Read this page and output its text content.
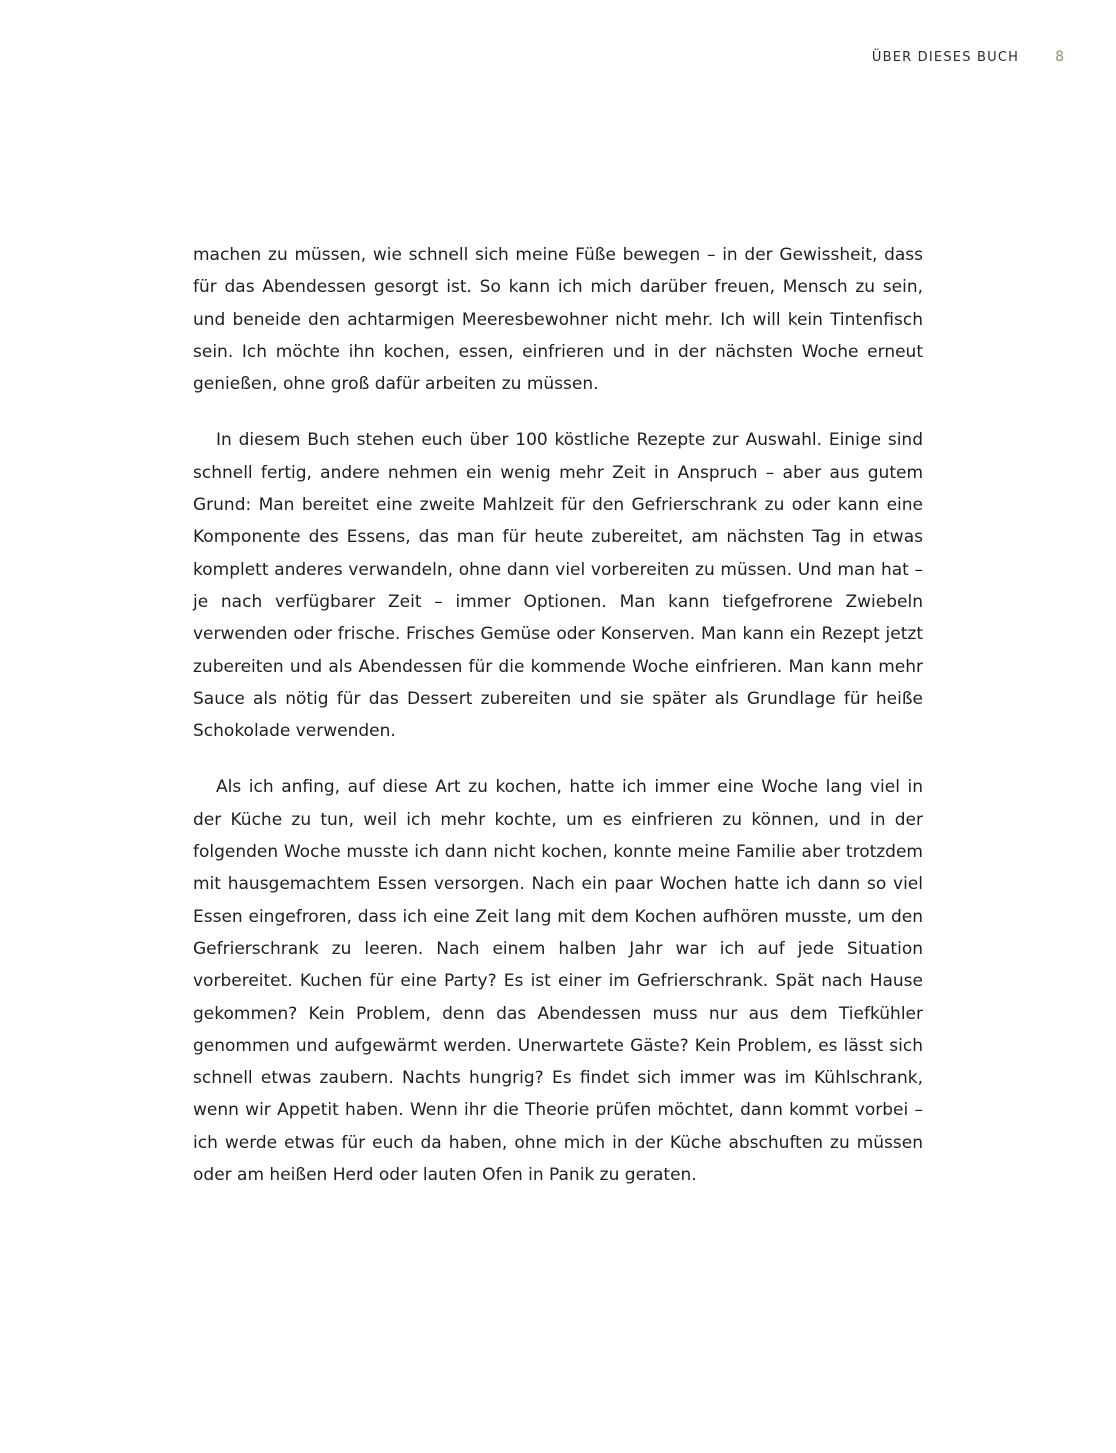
ÜBER DIESES BUCH	8

machen zu müssen, wie schnell sich meine Füße bewegen – in der Gewissheit, dass für das Abendessen gesorgt ist. So kann ich mich darüber freuen, Mensch zu sein, und beneide den achtarmigen Meeresbewohner nicht mehr. Ich will kein Tintenfisch sein. Ich möchte ihn kochen, essen, einfrieren und in der nächsten Woche erneut genießen, ohne groß dafür arbeiten zu müssen.

In diesem Buch stehen euch über 100 köstliche Rezepte zur Auswahl. Einige sind schnell fertig, andere nehmen ein wenig mehr Zeit in Anspruch – aber aus gutem Grund: Man bereitet eine zweite Mahlzeit für den Gefrierschrank zu oder kann eine Komponente des Essens, das man für heute zubereitet, am nächsten Tag in etwas komplett anderes verwandeln, ohne dann viel vorbereiten zu müssen. Und man hat – je nach verfügbarer Zeit – immer Optionen. Man kann tiefgefrorene Zwiebeln verwenden oder frische. Frisches Gemüse oder Konserven. Man kann ein Rezept jetzt zubereiten und als Abendessen für die kommende Woche einfrieren. Man kann mehr Sauce als nötig für das Dessert zubereiten und sie später als Grundlage für heiße Schokolade verwenden.

Als ich anfing, auf diese Art zu kochen, hatte ich immer eine Woche lang viel in der Küche zu tun, weil ich mehr kochte, um es einfrieren zu können, und in der folgenden Woche musste ich dann nicht kochen, konnte meine Familie aber trotzdem mit hausgemachtem Essen versorgen. Nach ein paar Wochen hatte ich dann so viel Essen eingefroren, dass ich eine Zeit lang mit dem Kochen aufhören musste, um den Gefrierschrank zu leeren. Nach einem halben Jahr war ich auf jede Situation vorbereitet. Kuchen für eine Party? Es ist einer im Gefrierschrank. Spät nach Hause gekommen? Kein Problem, denn das Abendessen muss nur aus dem Tiefkühler genommen und aufgewärmt werden. Unerwartete Gäste? Kein Problem, es lässt sich schnell etwas zaubern. Nachts hungrig? Es findet sich immer was im Kühlschrank, wenn wir Appetit haben. Wenn ihr die Theorie prüfen möchtet, dann kommt vorbei – ich werde etwas für euch da haben, ohne mich in der Küche abschuften zu müssen oder am heißen Herd oder lauten Ofen in Panik zu geraten.
